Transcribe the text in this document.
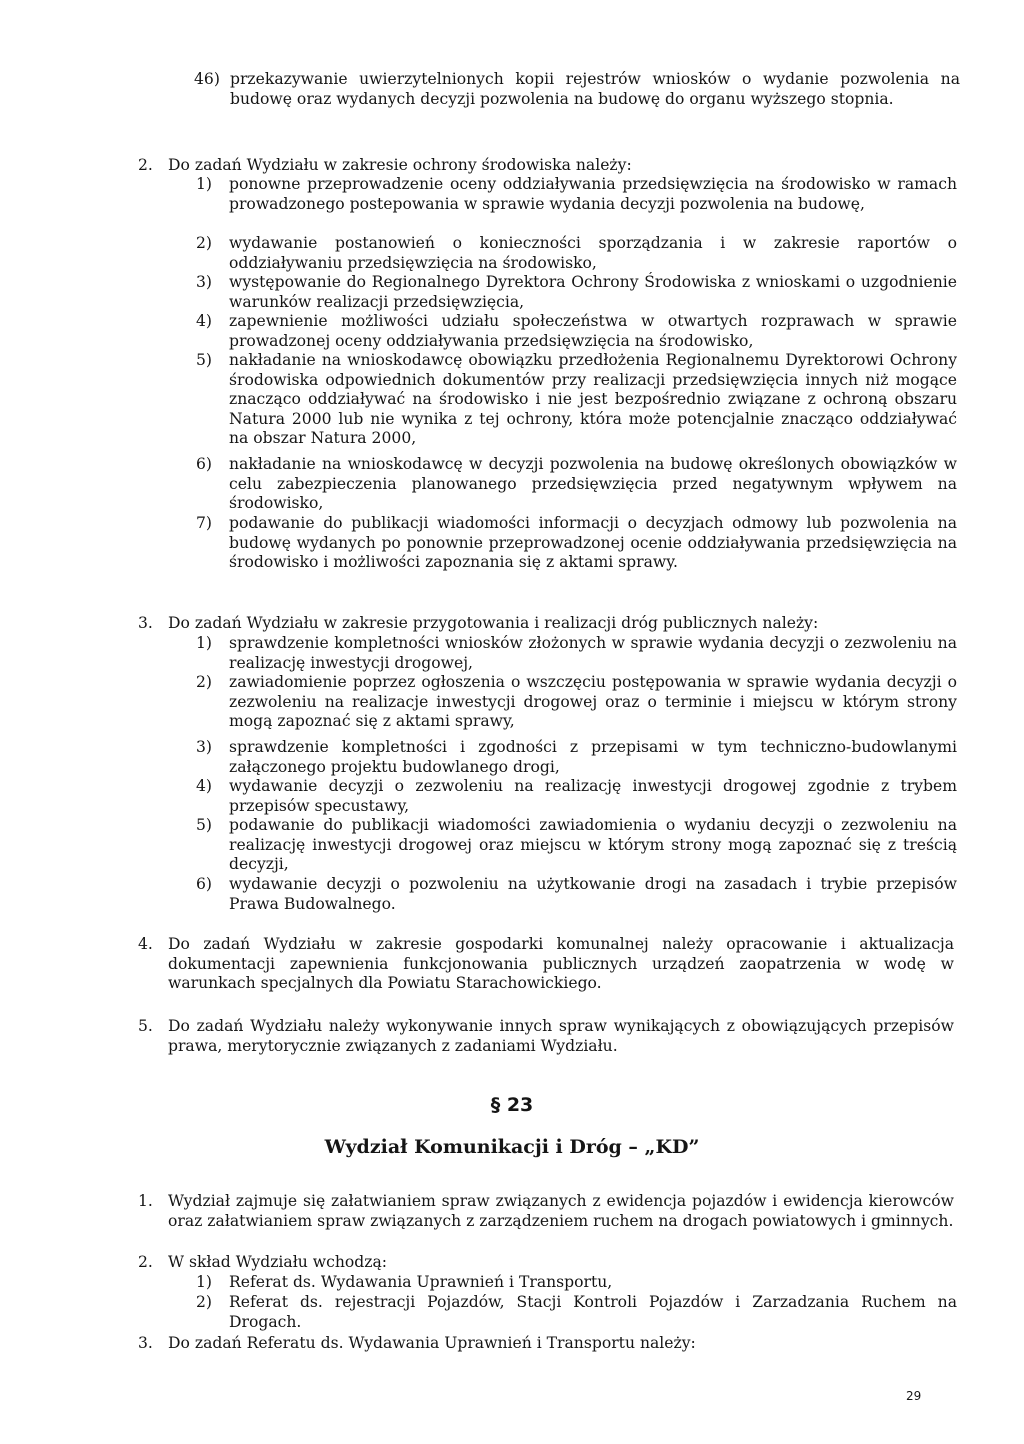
46) przekazywanie uwierzytelnionych kopii rejestrów wniosków o wydanie pozwolenia na budowę oraz wydanych decyzji pozwolenia na budowę do organu wyższego stopnia.
2. Do zadań Wydziału w zakresie ochrony środowiska należy:
1) ponowne przeprowadzenie oceny oddziaływania przedsięwzięcia na środowisko w ramach prowadzonego postepowania w sprawie wydania decyzji pozwolenia na budowę,
2) wydawanie postanowień o konieczności sporządzania i w zakresie raportów o oddziaływaniu przedsięwzięcia na środowisko,
3) występowanie do Regionalnego Dyrektora Ochrony Środowiska z wnioskami o uzgodnienie warunków realizacji przedsięwzięcia,
4) zapewnienie możliwości udziału społeczeństwa w otwartych rozprawach w sprawie prowadzonej oceny oddziaływania przedsięwzięcia na środowisko,
5) nakładanie na wnioskodawcę obowiązku przedłożenia Regionalnemu Dyrektorowi Ochrony środowiska odpowiednich dokumentów przy realizacji przedsięwzięcia innych niż mogące znacząco oddziaływać na środowisko i nie jest bezpośrednio związane z ochroną obszaru Natura 2000 lub nie wynika z tej ochrony, która może potencjalnie znacząco oddziaływać na obszar Natura 2000,
6) nakładanie na wnioskodawcę w decyzji pozwolenia na budowę określonych obowiązków w celu zabezpieczenia planowanego przedsięwzięcia przed negatywnym wpływem na środowisko,
7) podawanie do publikacji wiadomości informacji o decyzjach odmowy lub pozwolenia na budowę wydanych po ponownie przeprowadzonej ocenie oddziaływania przedsięwzięcia na środowisko i możliwości zapoznania się z aktami sprawy.
3. Do zadań Wydziału w zakresie przygotowania i realizacji dróg publicznych należy:
1) sprawdzenie kompletności wniosków złożonych w sprawie wydania decyzji o zezwoleniu na realizację inwestycji drogowej,
2) zawiadomienie poprzez ogłoszenia o wszczęciu postępowania w sprawie wydania decyzji o zezwoleniu na realizacje inwestycji drogowej oraz o terminie i miejscu w którym strony mogą zapoznać się z aktami sprawy,
3) sprawdzenie kompletności i zgodności z przepisami w tym techniczno-budowlanymi załączonego projektu budowlanego drogi,
4) wydawanie decyzji o zezwoleniu na realizację inwestycji drogowej zgodnie z trybem przepisów specustawy,
5) podawanie do publikacji wiadomości zawiadomienia o wydaniu decyzji o zezwoleniu na realizację inwestycji drogowej oraz miejscu w którym strony mogą zapoznać się z treścią decyzji,
6) wydawanie decyzji o pozwoleniu na użytkowanie drogi na zasadach i trybie przepisów Prawa Budowalnego.
4. Do zadań Wydziału w zakresie gospodarki komunalnej należy opracowanie i aktualizacja dokumentacji zapewnienia funkcjonowania publicznych urządzeń zaopatrzenia w wodę w warunkach specjalnych dla Powiatu Starachowickiego.
5. Do zadań Wydziału należy wykonywanie innych spraw wynikających z obowiązujących przepisów prawa, merytorycznie związanych z zadaniami Wydziału.
§ 23
Wydział Komunikacji i Dróg – „KD”
1. Wydział zajmuje się załatwianiem spraw związanych z ewidencja pojazdów i ewidencja kierowców oraz załatwianiem spraw związanych z zarządzeniem ruchem na drogach powiatowych i gminnych.
2. W skład Wydziału wchodzą:
1) Referat ds. Wydawania Uprawnień i Transportu,
2) Referat ds. rejestracji Pojazdów, Stacji Kontroli Pojazdów i Zarzadzania Ruchem na Drogach.
3. Do zadań Referatu ds. Wydawania Uprawnień i Transportu należy:
29
